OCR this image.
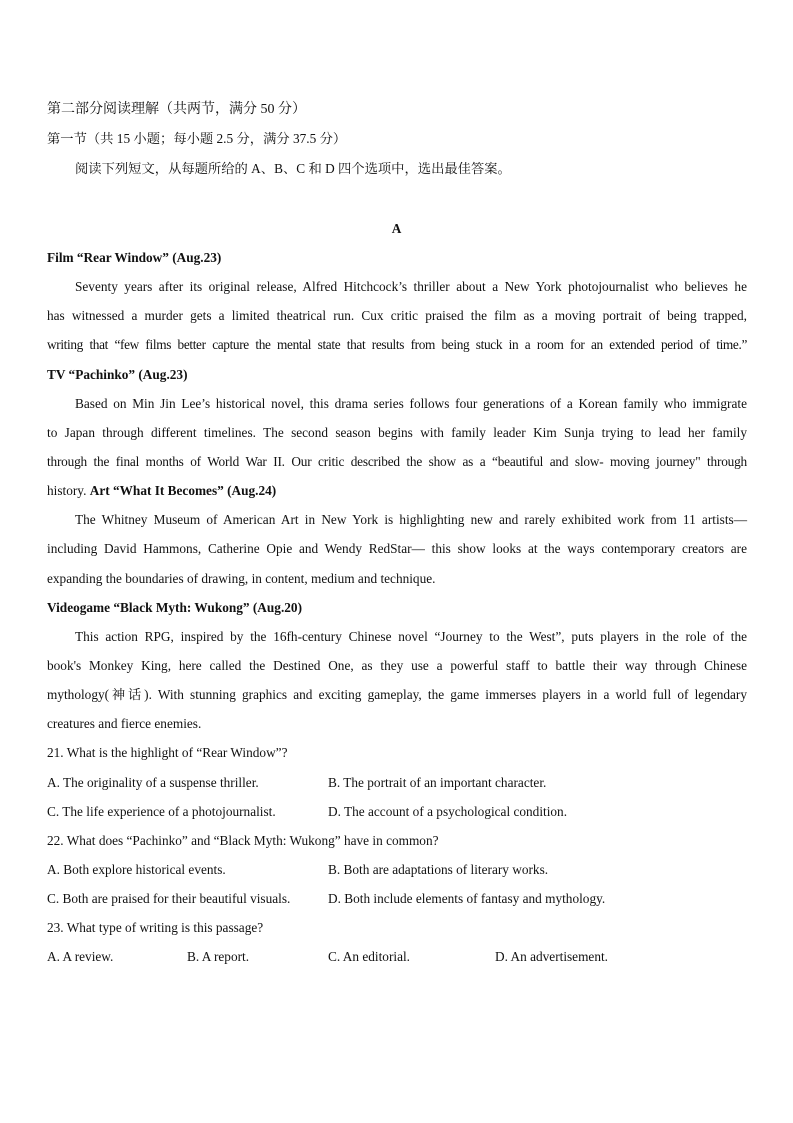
第二部分阅读理解（共两节，满分 50 分）
第一节（共 15 小题；每小题 2.5 分，满分 37.5 分）
阅读下列短文，从每题所给的 A、B、C 和 D 四个选项中，选出最佳答案。
A
Film “Rear Window” (Aug.23)
Seventy years after its original release, Alfred Hitchcock’s thriller about a New York photojournalist who believes he
has witnessed a murder gets a limited theatrical run. Cux critic praised the film as a moving portrait of being trapped,
writing that “few films better capture the mental state that results from being stuck in a room for an extended period of time.”
TV “Pachinko” (Aug.23)
Based on Min Jin Lee’s historical novel, this drama series follows four generations of a Korean family who immigrate
to Japan through different timelines. The second season begins with family leader Kim Sunja trying to lead her family
through the final months of World War II. Our critic described the show as a “beautiful and slow- moving journey" through
history. Art “What It Becomes” (Aug.24)
The Whitney Museum of American Art in New York is highlighting new and rarely exhibited work from 11 artists—
including David Hammons, Catherine Opie and Wendy RedStar— this show looks at the ways contemporary creators are
expanding the boundaries of drawing, in content, medium and technique.
Videogame “Black Myth: Wukong” (Aug.20)
This action RPG, inspired by the 16fh-century Chinese novel “Journey to the West”, puts players in the role of the
book's Monkey King, here called the Destined One, as they use a powerful staff to battle their way through Chinese
mythology(神话). With stunning graphics and exciting gameplay, the game immerses players in a world full of legendary
creatures and fierce enemies.
21. What is the highlight of “Rear Window”?
A. The originality of a suspense thriller.	B. The portrait of an important character.
C. The life experience of a photojournalist.	D. The account of a psychological condition.
22. What does “Pachinko” and “Black Myth: Wukong” have in common?
A. Both explore historical events.	B. Both are adaptations of literary works.
C. Both are praised for their beautiful visuals.	D. Both include elements of fantasy and mythology.
23. What type of writing is this passage?
A. A review.	B. A report.	C. An editorial.	D. An advertisement.
